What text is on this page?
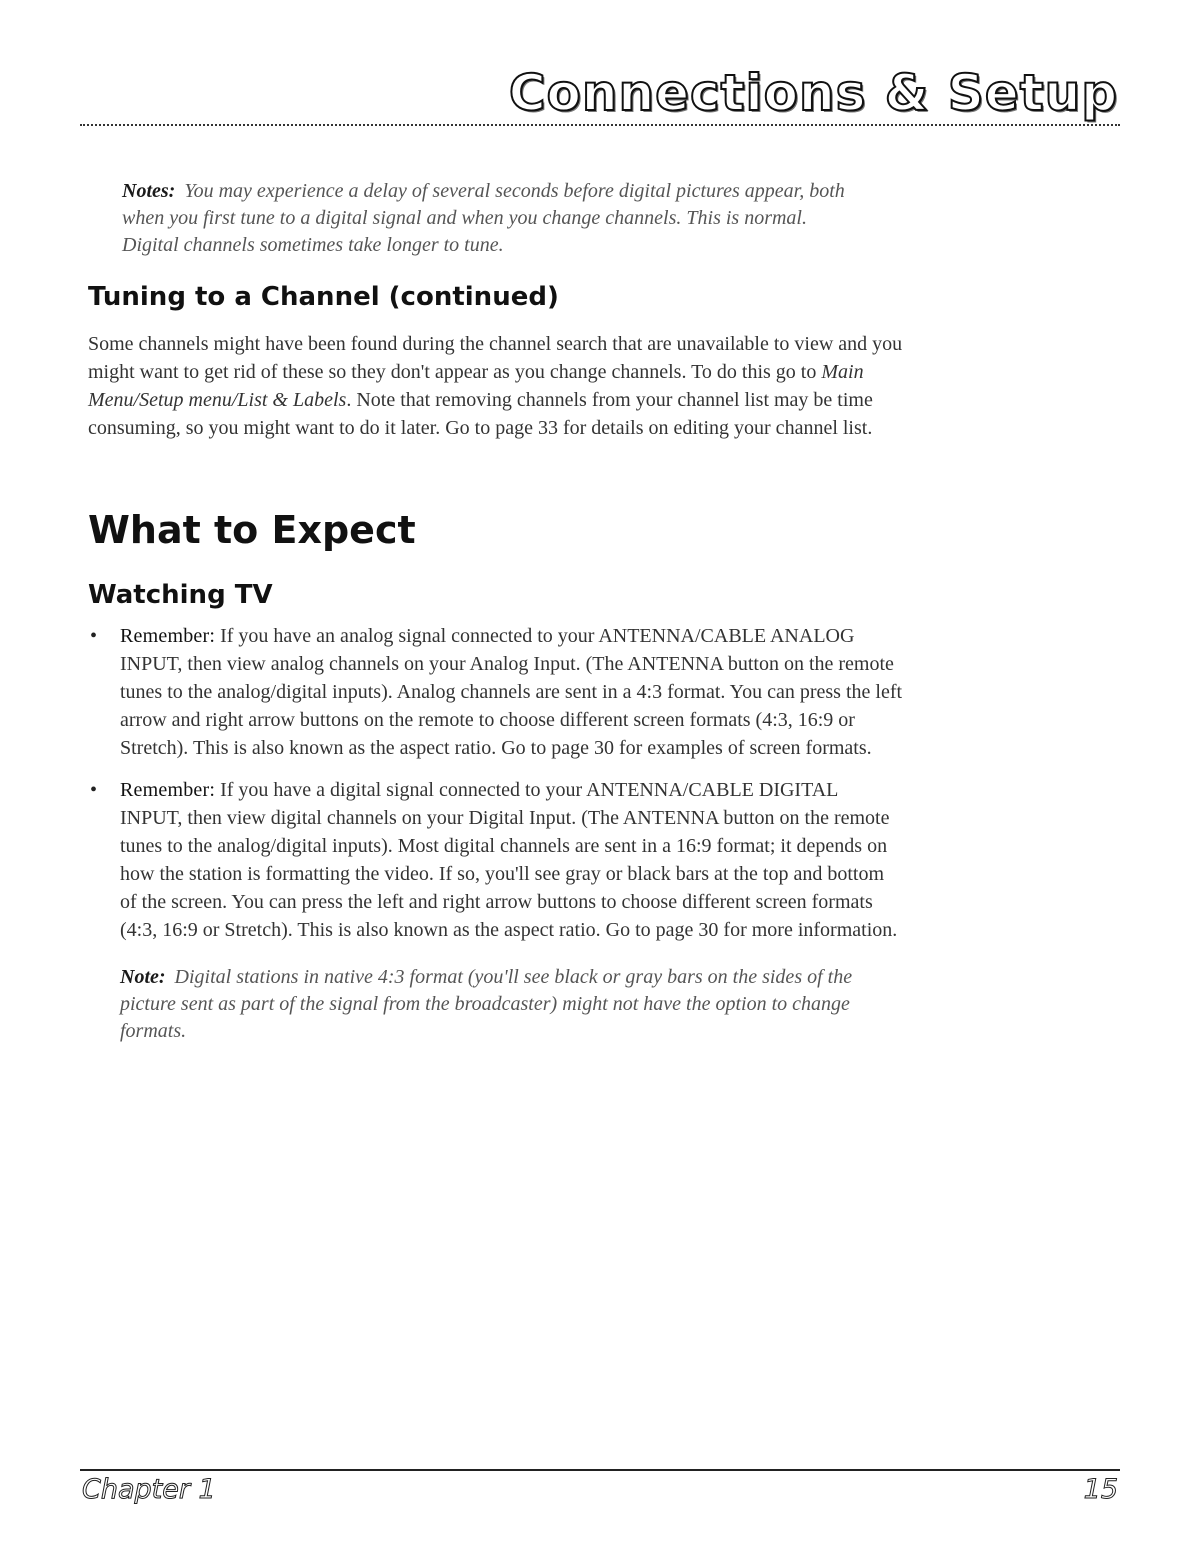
Connections & Setup

Notes: You may experience a delay of several seconds before digital pictures appear, both when you first tune to a digital signal and when you change channels. This is normal. Digital channels sometimes take longer to tune.

Tuning to a Channel (continued)

Some channels might have been found during the channel search that are unavailable to view and you might want to get rid of these so they don't appear as you change channels. To do this go to Main Menu/Setup menu/List & Labels. Note that removing channels from your channel list may be time consuming, so you might want to do it later. Go to page 33 for details on editing your channel list.

What to Expect
Watching TV
• Remember: If you have an analog signal connected to your ANTENNA/CABLE ANALOG INPUT, then view analog channels on your Analog Input. (The ANTENNA button on the remote tunes to the analog/digital inputs). Analog channels are sent in a 4:3 format. You can press the left arrow and right arrow buttons on the remote to choose different screen formats (4:3, 16:9 or Stretch). This is also known as the aspect ratio. Go to page 30 for examples of screen formats.
• Remember: If you have a digital signal connected to your ANTENNA/CABLE DIGITAL INPUT, then view digital channels on your Digital Input. (The ANTENNA button on the remote tunes to the analog/digital inputs). Most digital channels are sent in a 16:9 format; it depends on how the station is formatting the video. If so, you'll see gray or black bars at the top and bottom of the screen. You can press the left and right arrow buttons to choose different screen formats (4:3, 16:9 or Stretch). This is also known as the aspect ratio. Go to page 30 for more information.

Note: Digital stations in native 4:3 format (you'll see black or gray bars on the sides of the picture sent as part of the signal from the broadcaster) might not have the option to change formats.

Chapter 1	15
